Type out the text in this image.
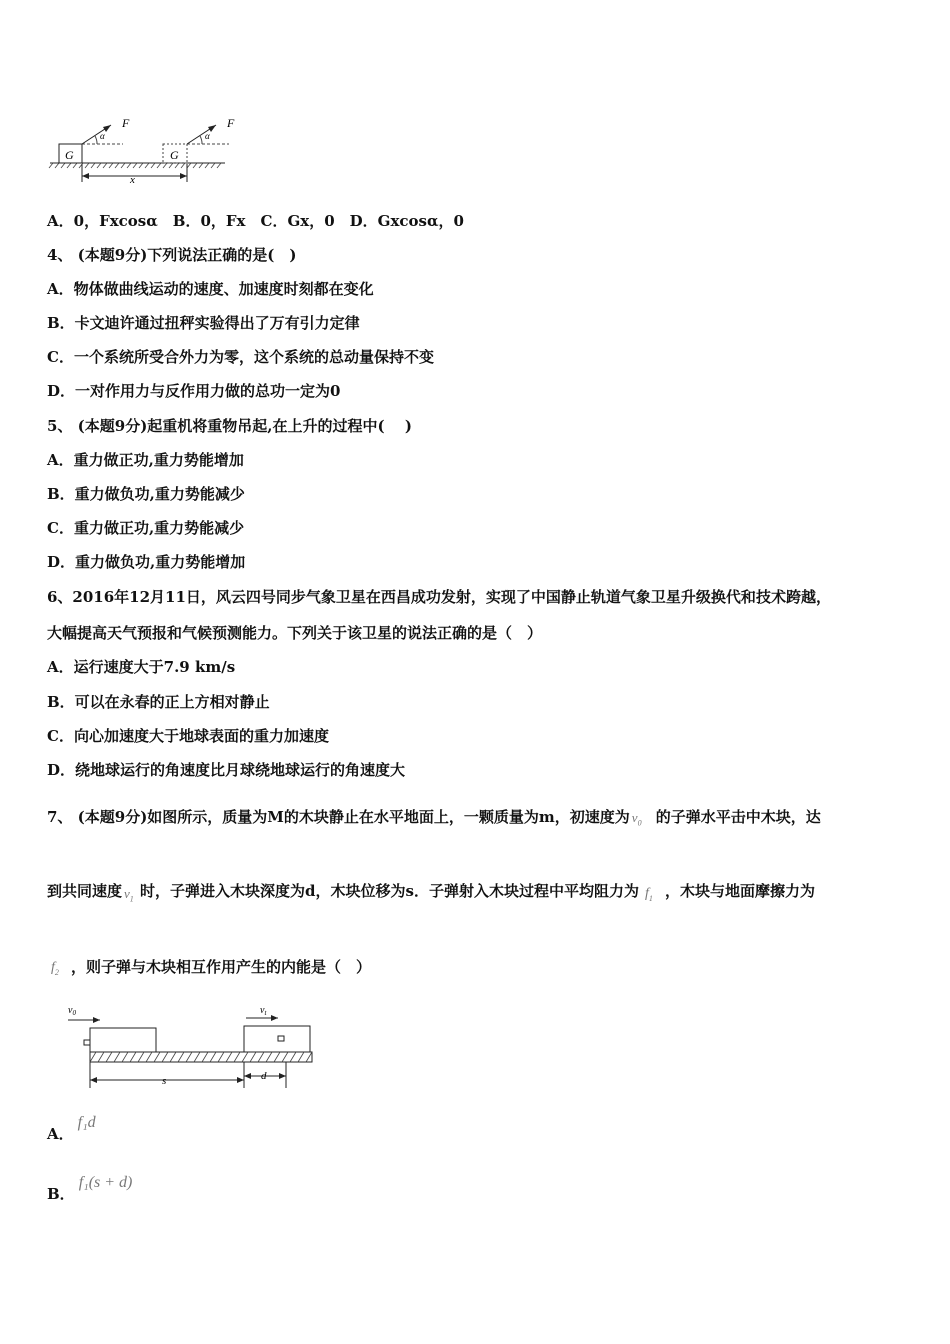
G
α
F
G
α
F
x
A．0，Fxcosα　B．0，Fx　C．Gx，0　D．Gxcosα，0
4、 (本题9分)下列说法正确的是(　)
A．物体做曲线运动的速度、加速度时刻都在变化
B．卡文迪许通过扭秤实验得出了万有引力定律
C．一个系统所受合外力为零，这个系统的总动量保持不变
D．一对作用力与反作用力做的总功一定为0
5、 (本题9分)起重机将重物吊起,在上升的过程中(　 )
A．重力做正功,重力势能增加
B．重力做负功,重力势能减少
C．重力做正功,重力势能减少
D．重力做负功,重力势能增加
6、2016年12月11日，风云四号同步气象卫星在西昌成功发射，实现了中国静止轨道气象卫星升级换代和技术跨越，
大幅提高天气预报和气候预测能力。下列关于该卫星的说法正确的是（　）
A．运行速度大于7.9 km/s
B．可以在永春的正上方相对静止
C．向心加速度大于地球表面的重力加速度
D．绕地球运行的角速度比月球绕地球运行的角速度大
7、 (本题9分)如图所示，质量为M的木块静止在水平地面上，一颗质量为m，初速度为 $v_0$ 的子弹水平击中木块，达
到共同速度 $v_1$ 时，子弹进入木块深度为d，木块位移为s．子弹射入木块过程中平均阻力为 $f_1$ ，木块与地面摩擦力为
$f_2$ ，则子弹与木块相互作用产生的内能是（　）
$v_0$	$v_t$
s	d
A．f₁d
B．f₁(s + d)
